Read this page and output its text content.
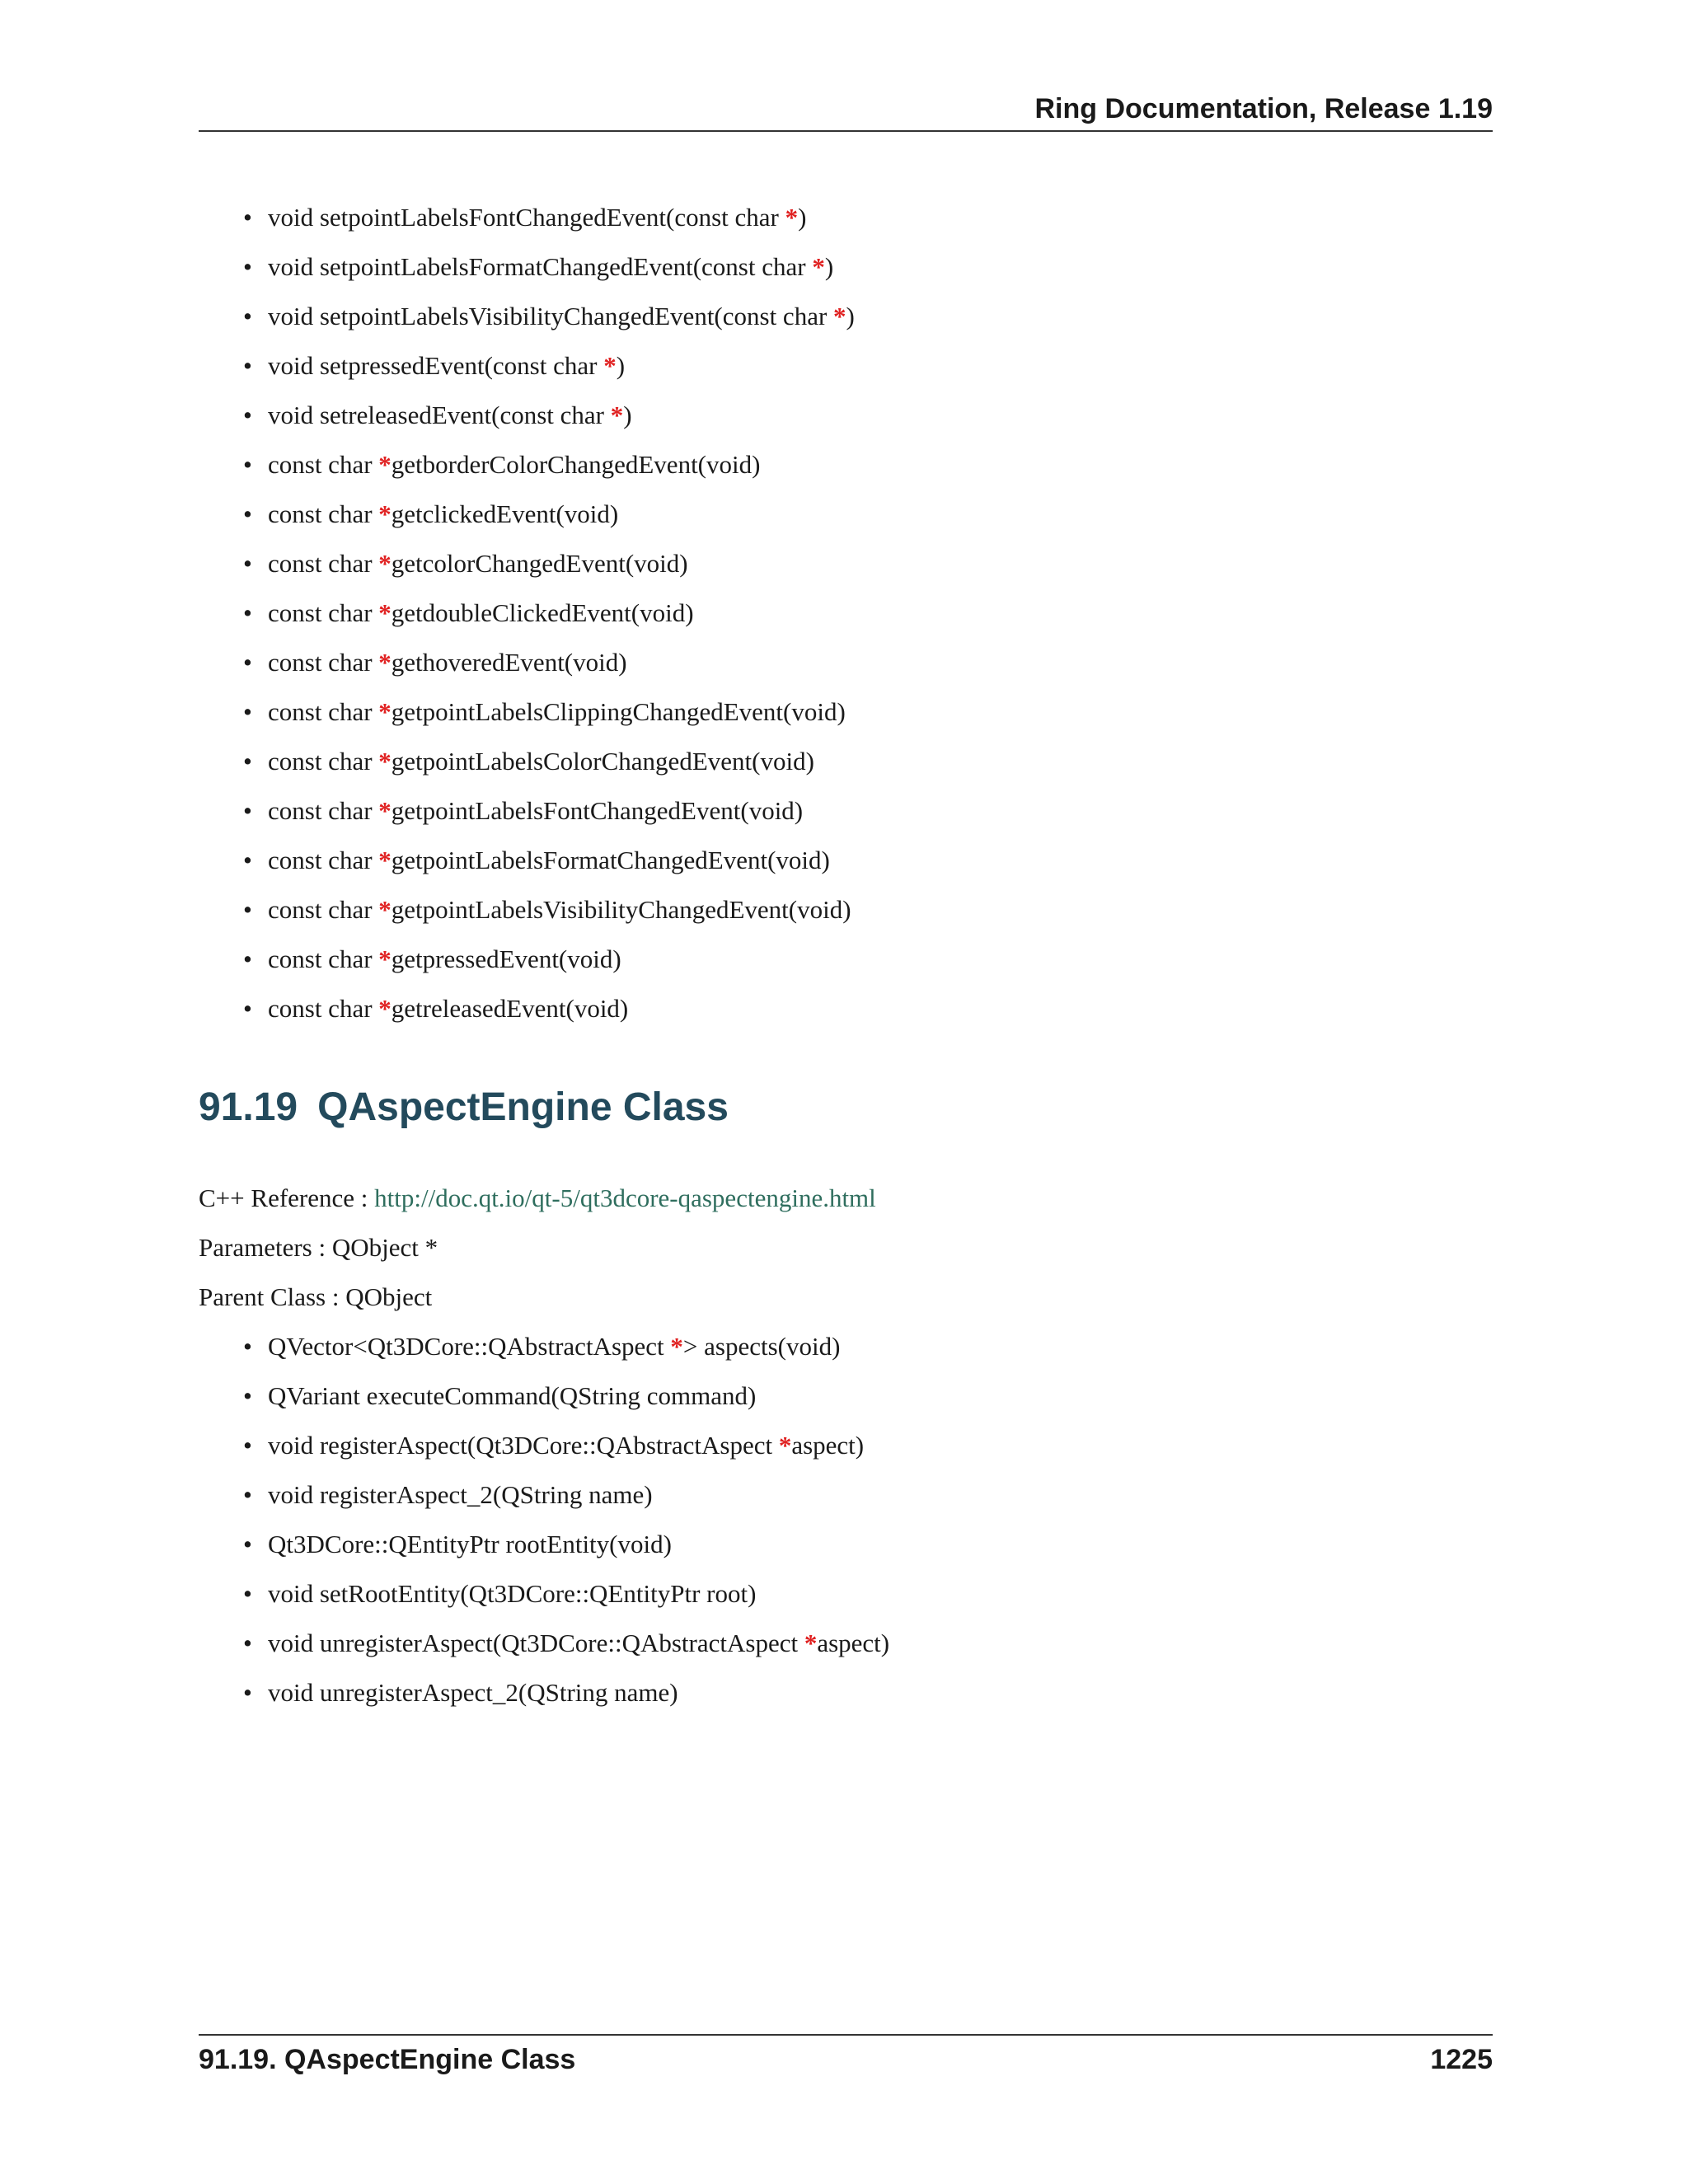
Ring Documentation, Release 1.19
• void setpointLabelsFontChangedEvent(const char *)
• void setpointLabelsFormatChangedEvent(const char *)
• void setpointLabelsVisibilityChangedEvent(const char *)
• void setpressedEvent(const char *)
• void setreleasedEvent(const char *)
• const char *getborderColorChangedEvent(void)
• const char *getclickedEvent(void)
• const char *getcolorChangedEvent(void)
• const char *getdoubleClickedEvent(void)
• const char *gethoveredEvent(void)
• const char *getpointLabelsClippingChangedEvent(void)
• const char *getpointLabelsColorChangedEvent(void)
• const char *getpointLabelsFontChangedEvent(void)
• const char *getpointLabelsFormatChangedEvent(void)
• const char *getpointLabelsVisibilityChangedEvent(void)
• const char *getpressedEvent(void)
• const char *getreleasedEvent(void)
91.19 QAspectEngine Class
C++ Reference : http://doc.qt.io/qt-5/qt3dcore-qaspectengine.html
Parameters : QObject *
Parent Class : QObject
• QVector<Qt3DCore::QAbstractAspect *> aspects(void)
• QVariant executeCommand(QString command)
• void registerAspect(Qt3DCore::QAbstractAspect *aspect)
• void registerAspect_2(QString name)
• Qt3DCore::QEntityPtr rootEntity(void)
• void setRootEntity(Qt3DCore::QEntityPtr root)
• void unregisterAspect(Qt3DCore::QAbstractAspect *aspect)
• void unregisterAspect_2(QString name)
91.19. QAspectEngine Class	1225
